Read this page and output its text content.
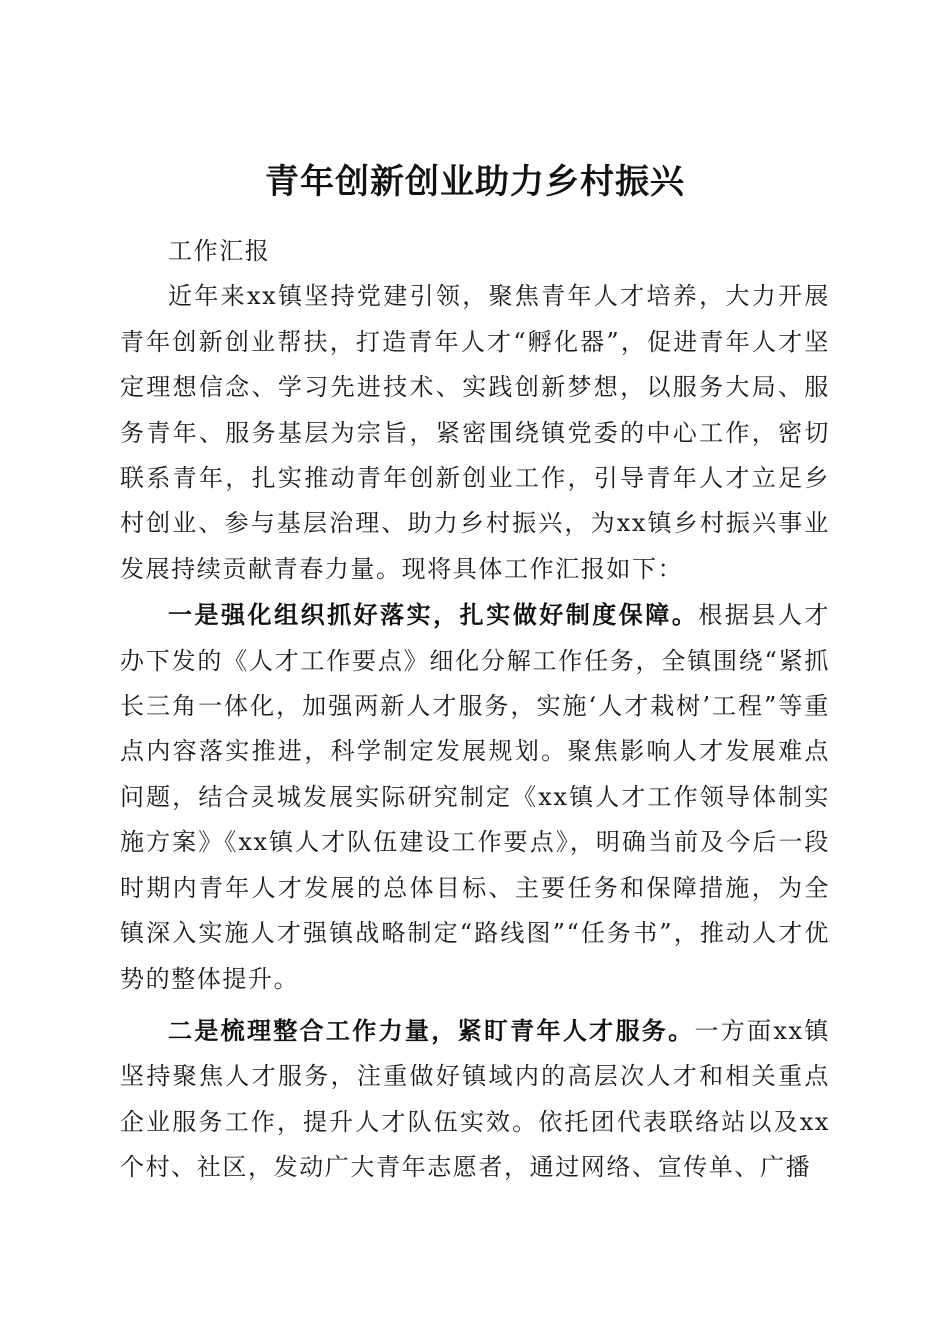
青年创新创业助力乡村振兴

工作汇报

近年来xx镇坚持党建引领，聚焦青年人才培养，大力开展青年创新创业帮扶，打造青年人才“孵化器”，促进青年人才坚定理想信念、学习先进技术、实践创新梦想，以服务大局、服务青年、服务基层为宗旨，紧密围绕镇党委的中心工作，密切联系青年，扎实推动青年创新创业工作，引导青年人才立足乡村创业、参与基层治理、助力乡村振兴，为xx镇乡村振兴事业发展持续贡献青春力量。现将具体工作汇报如下：

一是强化组织抓好落实，扎实做好制度保障。根据县人才办下发的《人才工作要点》细化分解工作任务，全镇围绕“紧抓长三角一体化，加强两新人才服务，实施‘人才栽树’工程”等重点内容落实推进，科学制定发展规划。聚焦影响人才发展难点问题，结合灵城发展实际研究制定《xx镇人才工作领导体制实施方案》《xx镇人才队伍建设工作要点》，明确当前及今后一段时期内青年人才发展的总体目标、主要任务和保障措施，为全镇深入实施人才强镇战略制定“路线图”“任务书”，推动人才优势的整体提升。

二是梳理整合工作力量，紧盯青年人才服务。一方面xx镇坚持聚焦人才服务，注重做好镇域内的高层次人才和相关重点企业服务工作，提升人才队伍实效。依托团代表联络站以及xx个村、社区，发动广大青年志愿者，通过网络、宣传单、广播
